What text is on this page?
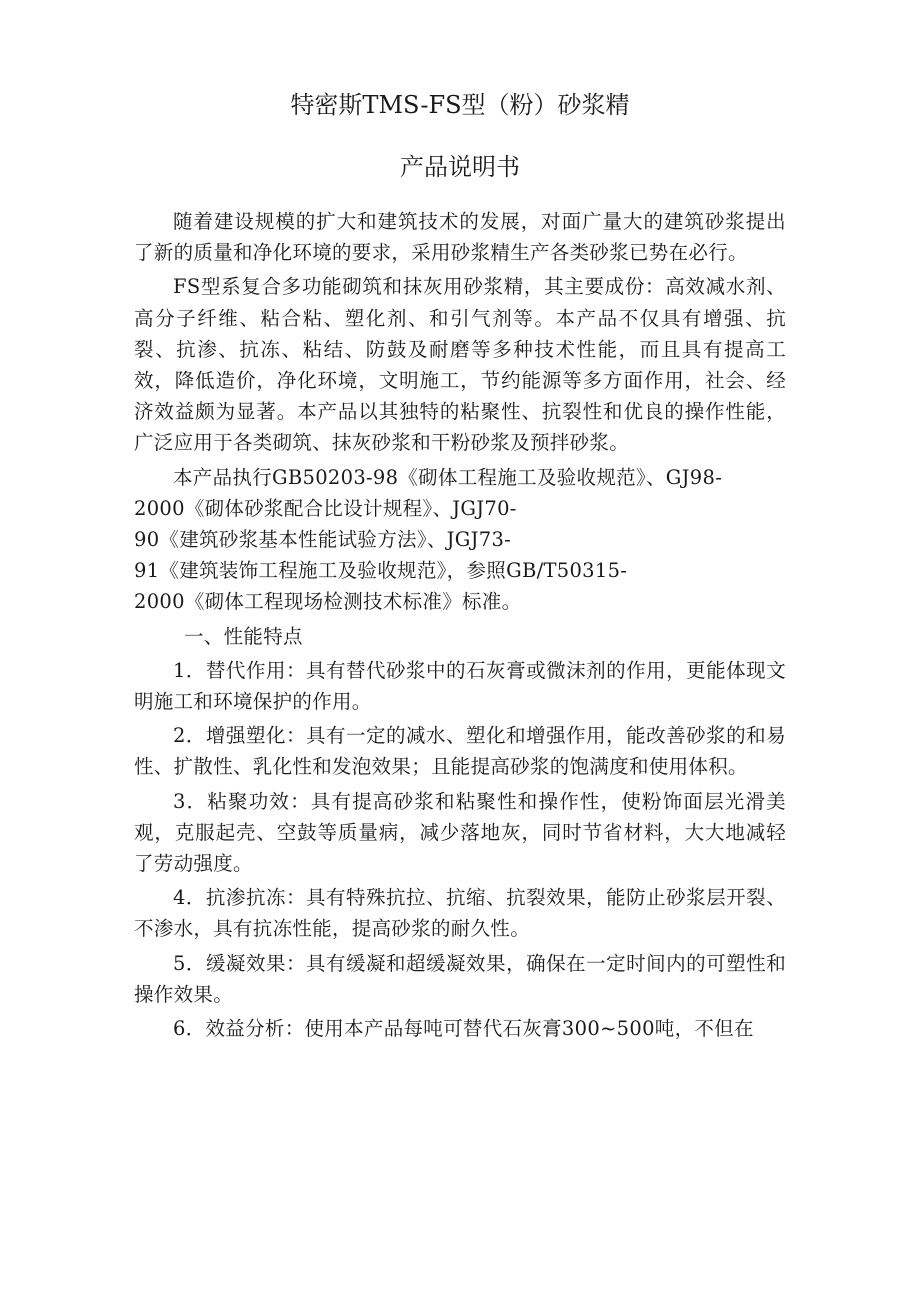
特密斯TMS-FS型（粉）砂浆精
产品说明书

随着建设规模的扩大和建筑技术的发展，对面广量大的建筑砂浆提出了新的质量和净化环境的要求，采用砂浆精生产各类砂浆已势在必行。

FS型系复合多功能砌筑和抹灰用砂浆精，其主要成份：高效减水剂、高分子纤维、粘合粘、塑化剂、和引气剂等。本产品不仅具有增强、抗裂、抗渗、抗冻、粘结、防鼓及耐磨等多种技术性能，而且具有提高工效，降低造价，净化环境，文明施工，节约能源等多方面作用，社会、经济效益颇为显著。本产品以其独特的粘聚性、抗裂性和优良的操作性能，广泛应用于各类砌筑、抹灰砂浆和干粉砂浆及预拌砂浆。

本产品执行GB50203-98《砌体工程施工及验收规范》、GJ98-
2000《砌体砂浆配合比设计规程》、JGJ70-
90《建筑砂浆基本性能试验方法》、JGJ73-
91《建筑装饰工程施工及验收规范》，参照GB/T50315-
2000《砌体工程现场检测技术标准》标准。

一、性能特点

1．替代作用：具有替代砂浆中的石灰膏或微沫剂的作用，更能体现文明施工和环境保护的作用。

2．增强塑化：具有一定的减水、塑化和增强作用，能改善砂浆的和易性、扩散性、乳化性和发泡效果；且能提高砂浆的饱满度和使用体积。

3．粘聚功效：具有提高砂浆和粘聚性和操作性，使粉饰面层光滑美观，克服起壳、空鼓等质量病，减少落地灰，同时节省材料，大大地减轻了劳动强度。

4．抗渗抗冻：具有特殊抗拉、抗缩、抗裂效果，能防止砂浆层开裂、不渗水，具有抗冻性能，提高砂浆的耐久性。

5．缓凝效果：具有缓凝和超缓凝效果，确保在一定时间内的可塑性和操作效果。

6．效益分析：使用本产品每吨可替代石灰膏300~500吨，不但在
